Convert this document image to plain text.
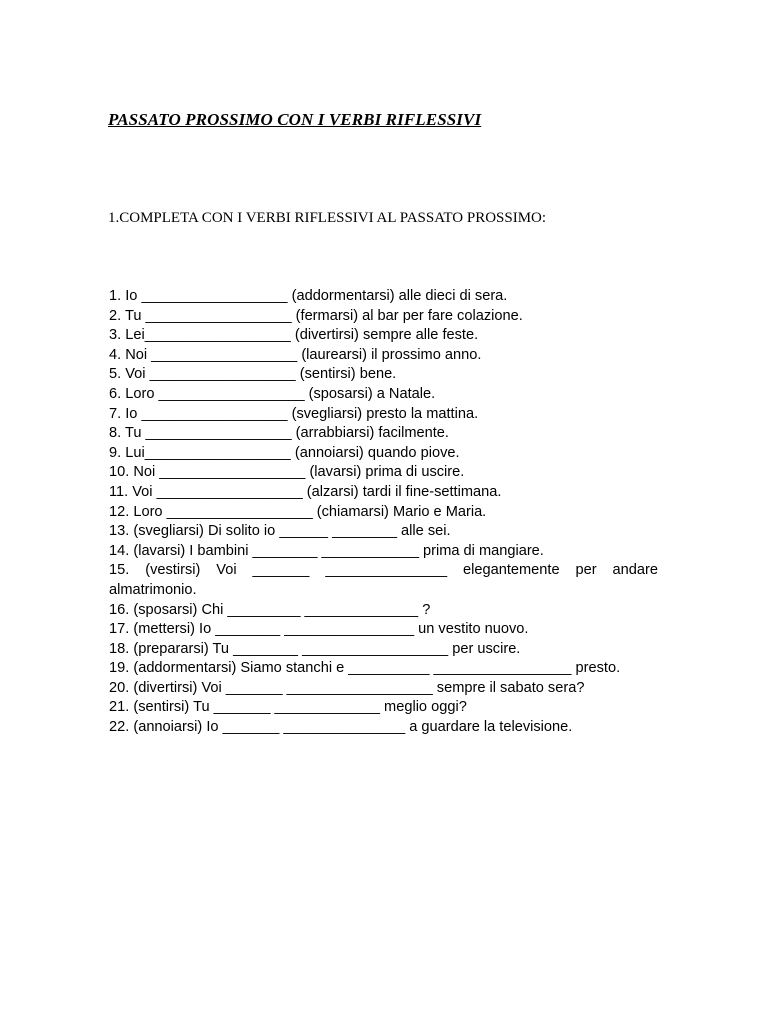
PASSATO PROSSIMO CON I VERBI RIFLESSIVI

1.COMPLETA CON I VERBI RIFLESSIVI AL PASSATO PROSSIMO:

1. Io __________________ (addormentarsi) alle dieci di sera.
2. Tu __________________ (fermarsi) al bar per fare colazione.
3. Lei__________________ (divertirsi) sempre alle feste.
4. Noi __________________ (laurearsi) il prossimo anno.
5. Voi __________________ (sentirsi) bene.
6. Loro __________________ (sposarsi) a Natale.
7. Io __________________ (svegliarsi) presto la mattina.
8. Tu __________________ (arrabbiarsi) facilmente.
9. Lui__________________ (annoiarsi) quando piove.
10. Noi __________________ (lavarsi) prima di uscire.
11. Voi __________________ (alzarsi) tardi il fine-settimana.
12. Loro __________________ (chiamarsi) Mario e Maria.
13. (svegliarsi) Di solito io ______ ________ alle sei.
14. (lavarsi) I bambini ________ ____________ prima di mangiare.
15. (vestirsi) Voi _______ _______________ elegantemente per andare almatrimonio.
16. (sposarsi) Chi _________ ______________ ?
17. (mettersi) Io ________ ________________ un vestito nuovo.
18. (prepararsi) Tu ________ __________________ per uscire.
19. (addormentarsi) Siamo stanchi e __________ _________________ presto.
20. (divertirsi) Voi _______ __________________ sempre il sabato sera?
21. (sentirsi) Tu _______ _____________ meglio oggi?
22. (annoiarsi) Io _______ _______________ a guardare la televisione.
